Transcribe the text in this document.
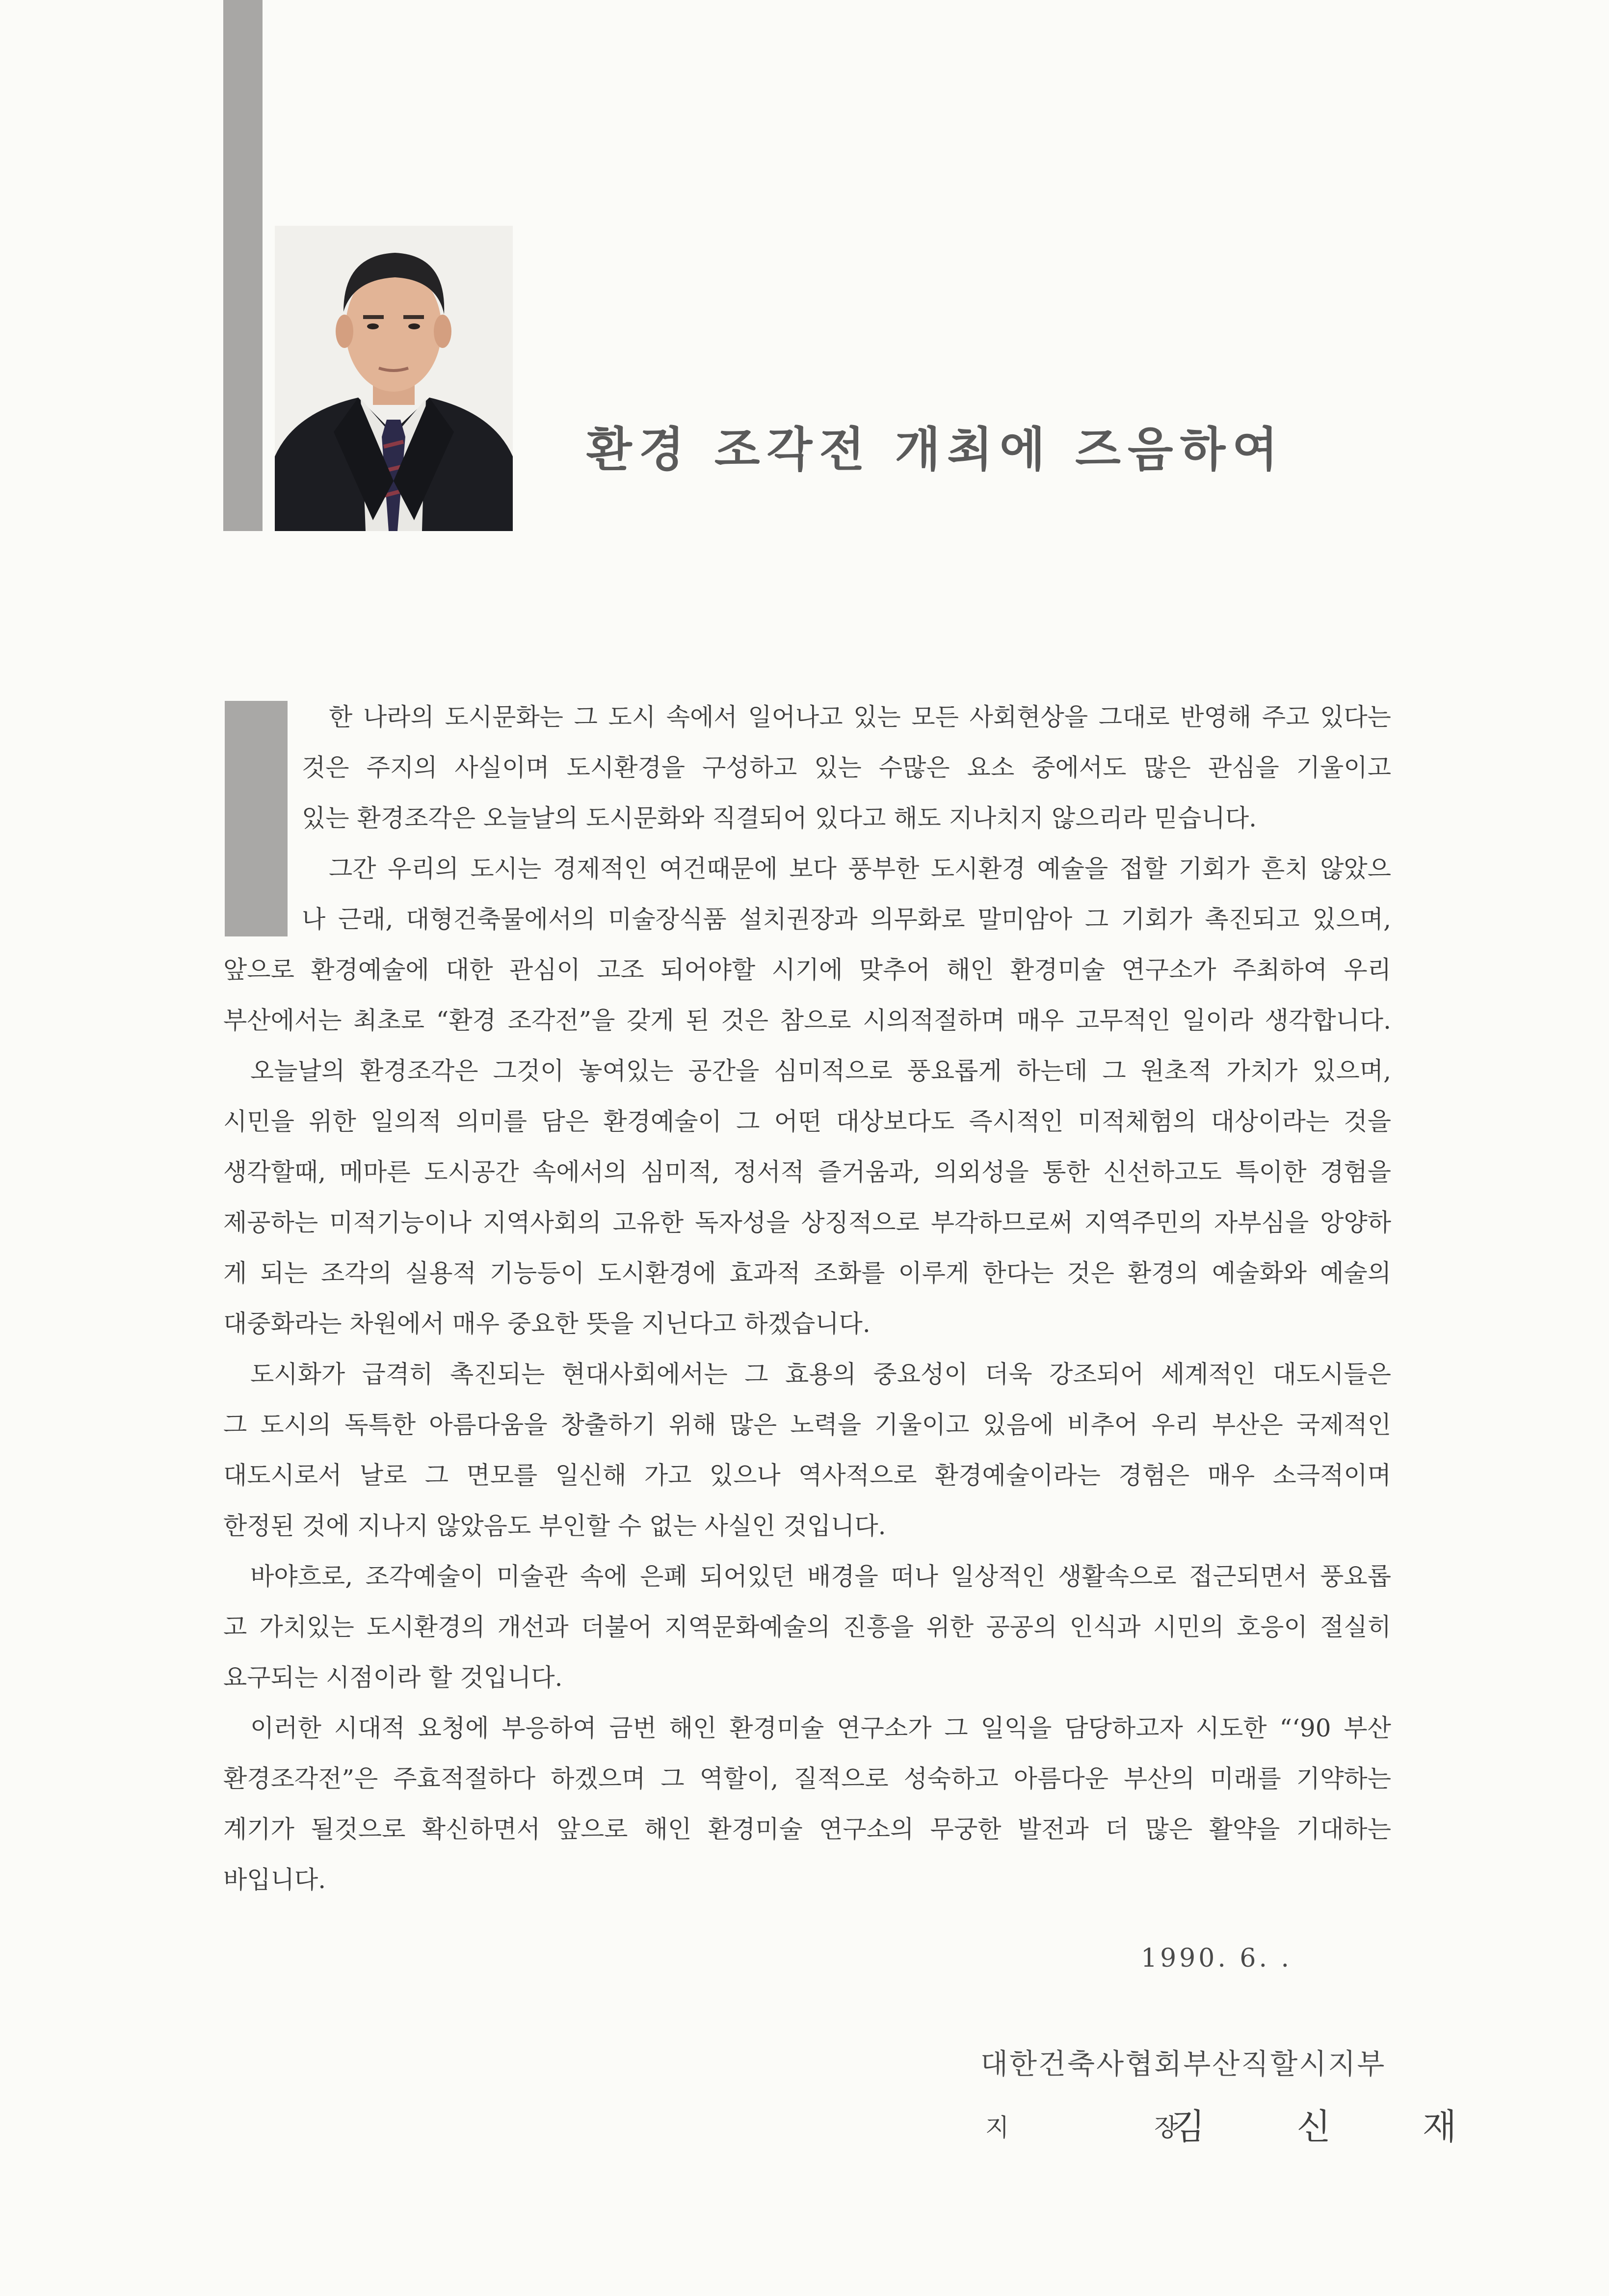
환경 조각전 개최에 즈음하여
한 나라의 도시문화는 그 도시 속에서 일어나고 있는 모든 사회현상을 그대로 반영해 주고 있다는
것은 주지의 사실이며 도시환경을 구성하고 있는 수많은 요소 중에서도 많은 관심을 기울이고
있는 환경조각은 오늘날의 도시문화와 직결되어 있다고 해도 지나치지 않으리라 믿습니다.
그간 우리의 도시는 경제적인 여건때문에 보다 풍부한 도시환경 예술을 접할 기회가 흔치 않았으
나 근래, 대형건축물에서의 미술장식품 설치권장과 의무화로 말미암아 그 기회가 촉진되고 있으며,
앞으로 환경예술에 대한 관심이 고조 되어야할 시기에 맞추어 해인 환경미술 연구소가 주최하여 우리
부산에서는 최초로 “환경 조각전”을 갖게 된 것은 참으로 시의적절하며 매우 고무적인 일이라 생각합니다.
오늘날의 환경조각은 그것이 놓여있는 공간을 심미적으로 풍요롭게 하는데 그 원초적 가치가 있으며,
시민을 위한 일의적 의미를 담은 환경예술이 그 어떤 대상보다도 즉시적인 미적체험의 대상이라는 것을
생각할때, 메마른 도시공간 속에서의 심미적, 정서적 즐거움과, 의외성을 통한 신선하고도 특이한 경험을
제공하는 미적기능이나 지역사회의 고유한 독자성을 상징적으로 부각하므로써 지역주민의 자부심을 앙양하
게 되는 조각의 실용적 기능등이 도시환경에 효과적 조화를 이루게 한다는 것은 환경의 예술화와 예술의
대중화라는 차원에서 매우 중요한 뜻을 지닌다고 하겠습니다.
도시화가 급격히 촉진되는 현대사회에서는 그 효용의 중요성이 더욱 강조되어 세계적인 대도시들은
그 도시의 독특한 아름다움을 창출하기 위해 많은 노력을 기울이고 있음에 비추어 우리 부산은 국제적인
대도시로서 날로 그 면모를 일신해 가고 있으나 역사적으로 환경예술이라는 경험은 매우 소극적이며
한정된 것에 지나지 않았음도 부인할 수 없는 사실인 것입니다.
바야흐로, 조각예술이 미술관 속에 은폐 되어있던 배경을 떠나 일상적인 생활속으로 접근되면서 풍요롭
고 가치있는 도시환경의 개선과 더불어 지역문화예술의 진흥을 위한 공공의 인식과 시민의 호응이 절실히
요구되는 시점이라 할 것입니다.
이러한 시대적 요청에 부응하여 금번 해인 환경미술 연구소가 그 일익을 담당하고자 시도한 “‘90 부산
환경조각전”은 주효적절하다 하겠으며 그 역할이, 질적으로 성숙하고 아름다운 부산의 미래를 기약하는
계기가 될것으로 확신하면서 앞으로 해인 환경미술 연구소의 무궁한 발전과 더 많은 활약을 기대하는
바입니다.
1990. 6. .
대한건축사협회부산직할시지부
지 장
김 신 재
